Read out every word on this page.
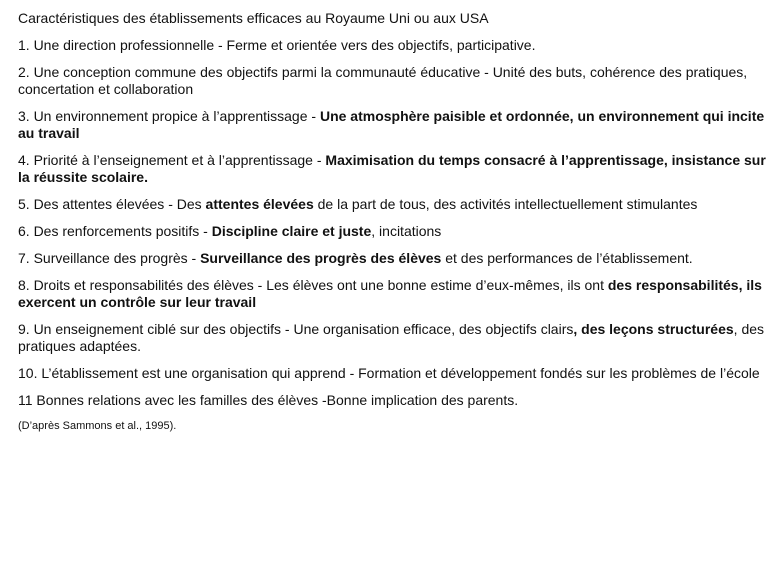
Caractéristiques des établissements efficaces au Royaume Uni ou aux USA
1. Une direction professionnelle - Ferme et orientée vers des objectifs, participative.
2. Une conception commune des objectifs parmi la communauté éducative - Unité des buts, cohérence des pratiques, concertation et collaboration
3. Un environnement propice à l’apprentissage - Une atmosphère paisible et ordonnée, un environnement qui incite au travail
4. Priorité à l’enseignement et à l’apprentissage - Maximisation du temps consacré à l’apprentissage, insistance sur la réussite scolaire.
5. Des attentes élevées - Des attentes élevées de la part de tous, des activités intellectuellement stimulantes
6. Des renforcements positifs - Discipline claire et juste, incitations
7. Surveillance des progrès - Surveillance des progrès des élèves et des performances de l’établissement.
8. Droits et responsabilités des élèves - Les élèves ont une bonne estime d’eux-mêmes, ils ont des responsabilités, ils exercent un contrôle sur leur travail
9. Un enseignement ciblé sur des objectifs - Une organisation efficace, des objectifs clairs, des leçons structurées, des pratiques adaptées.
10. L’établissement est une organisation qui apprend - Formation et développement fondés sur les problèmes de l’école
11 Bonnes relations avec les familles des élèves -Bonne implication des parents.
(D’après Sammons et al., 1995).
